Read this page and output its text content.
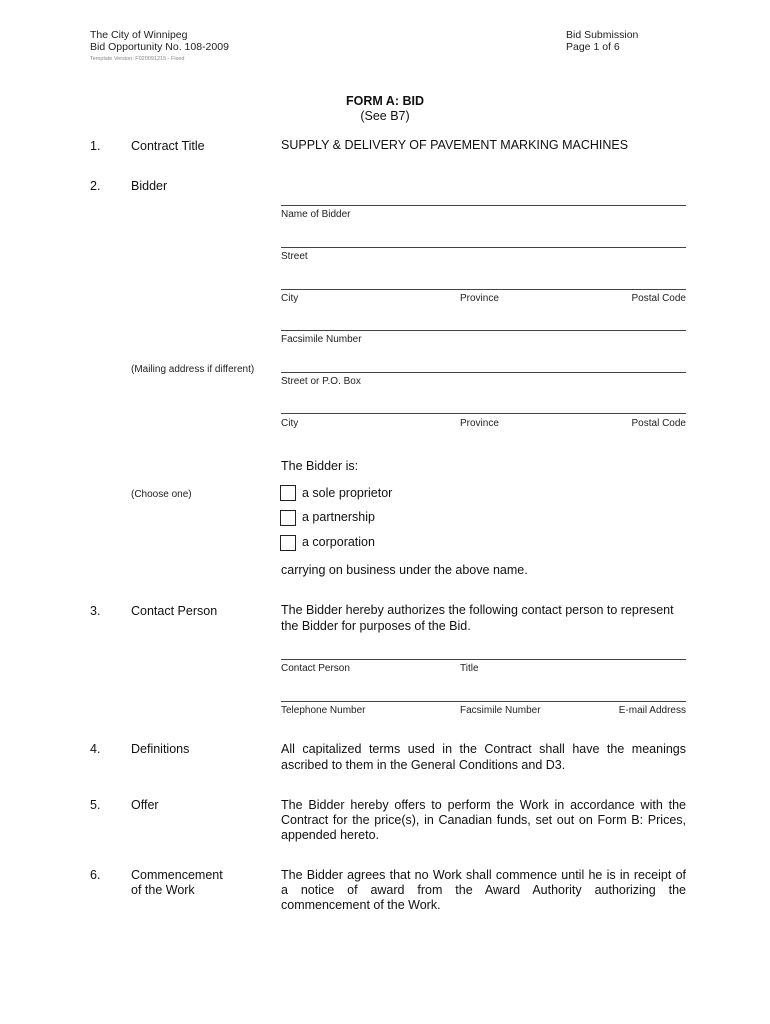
The City of Winnipeg
Bid Opportunity No. 108-2009
Template Version: F020091215 - Fixed
Bid Submission
Page 1 of 6
FORM A: BID
(See B7)
1. Contract Title	SUPPLY & DELIVERY OF PAVEMENT MARKING MACHINES
2. Bidder
Name of Bidder
Street
City	Province	Postal Code
Facsimile Number
(Mailing address if different)
Street or P.O. Box
City	Province	Postal Code
The Bidder is:
(Choose one)	a sole proprietor
a partnership
a corporation
carrying on business under the above name.
3. Contact Person	The Bidder hereby authorizes the following contact person to represent
the Bidder for purposes of the Bid.
Contact Person	Title
Telephone Number	Facsimile Number	E-mail Address
4. Definitions	All capitalized terms used in the Contract shall have the meanings
ascribed to them in the General Conditions and D3.
5. Offer	The Bidder hereby offers to perform the Work in accordance with the
Contract for the price(s), in Canadian funds, set out on Form B: Prices,
appended hereto.
6. Commencement
of the Work
The Bidder agrees that no Work shall commence until he is in receipt of
a notice of award from the Award Authority authorizing the
commencement of the Work.
